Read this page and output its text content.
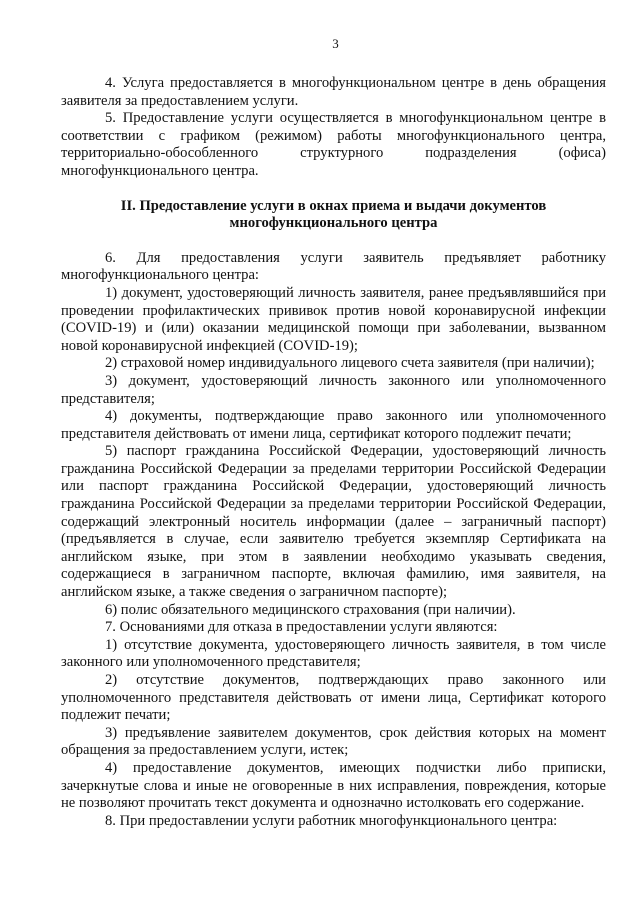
3

4. Услуга предоставляется в многофункциональном центре в день обращения заявителя за предоставлением услуги.

5. Предоставление услуги осуществляется в многофункциональном центре в соответствии с графиком (режимом) работы многофункционального центра, территориально-обособленного структурного подразделения (офиса) многофункционального центра.

II. Предоставление услуги в окнах приема и выдачи документов многофункционального центра

6. Для предоставления услуги заявитель предъявляет работнику многофункционального центра:

1) документ, удостоверяющий личность заявителя, ранее предъявлявшийся при проведении профилактических прививок против новой коронавирусной инфекции (COVID-19) и (или) оказании медицинской помощи при заболевании, вызванном новой коронавирусной инфекцией (COVID-19);

2) страховой номер индивидуального лицевого счета заявителя (при наличии);

3) документ, удостоверяющий личность законного или уполномоченного представителя;

4) документы, подтверждающие право законного или уполномоченного представителя действовать от имени лица, сертификат которого подлежит печати;

5) паспорт гражданина Российской Федерации, удостоверяющий личность гражданина Российской Федерации за пределами территории Российской Федерации или паспорт гражданина Российской Федерации, удостоверяющий личность гражданина Российской Федерации за пределами территории Российской Федерации, содержащий электронный носитель информации (далее – заграничный паспорт) (предъявляется в случае, если заявителю требуется экземпляр Сертификата на английском языке, при этом в заявлении необходимо указывать сведения, содержащиеся в заграничном паспорте, включая фамилию, имя заявителя, на английском языке, а также сведения о заграничном паспорте);

6) полис обязательного медицинского страхования (при наличии).

7. Основаниями для отказа в предоставлении услуги являются:

1) отсутствие документа, удостоверяющего личность заявителя, в том числе законного или уполномоченного представителя;

2) отсутствие документов, подтверждающих право законного или уполномоченного представителя действовать от имени лица, Сертификат которого подлежит печати;

3) предъявление заявителем документов, срок действия которых на момент обращения за предоставлением услуги, истек;

4) предоставление документов, имеющих подчистки либо приписки, зачеркнутые слова и иные не оговоренные в них исправления, повреждения, которые не позволяют прочитать текст документа и однозначно истолковать его содержание.

8. При предоставлении услуги работник многофункционального центра:
